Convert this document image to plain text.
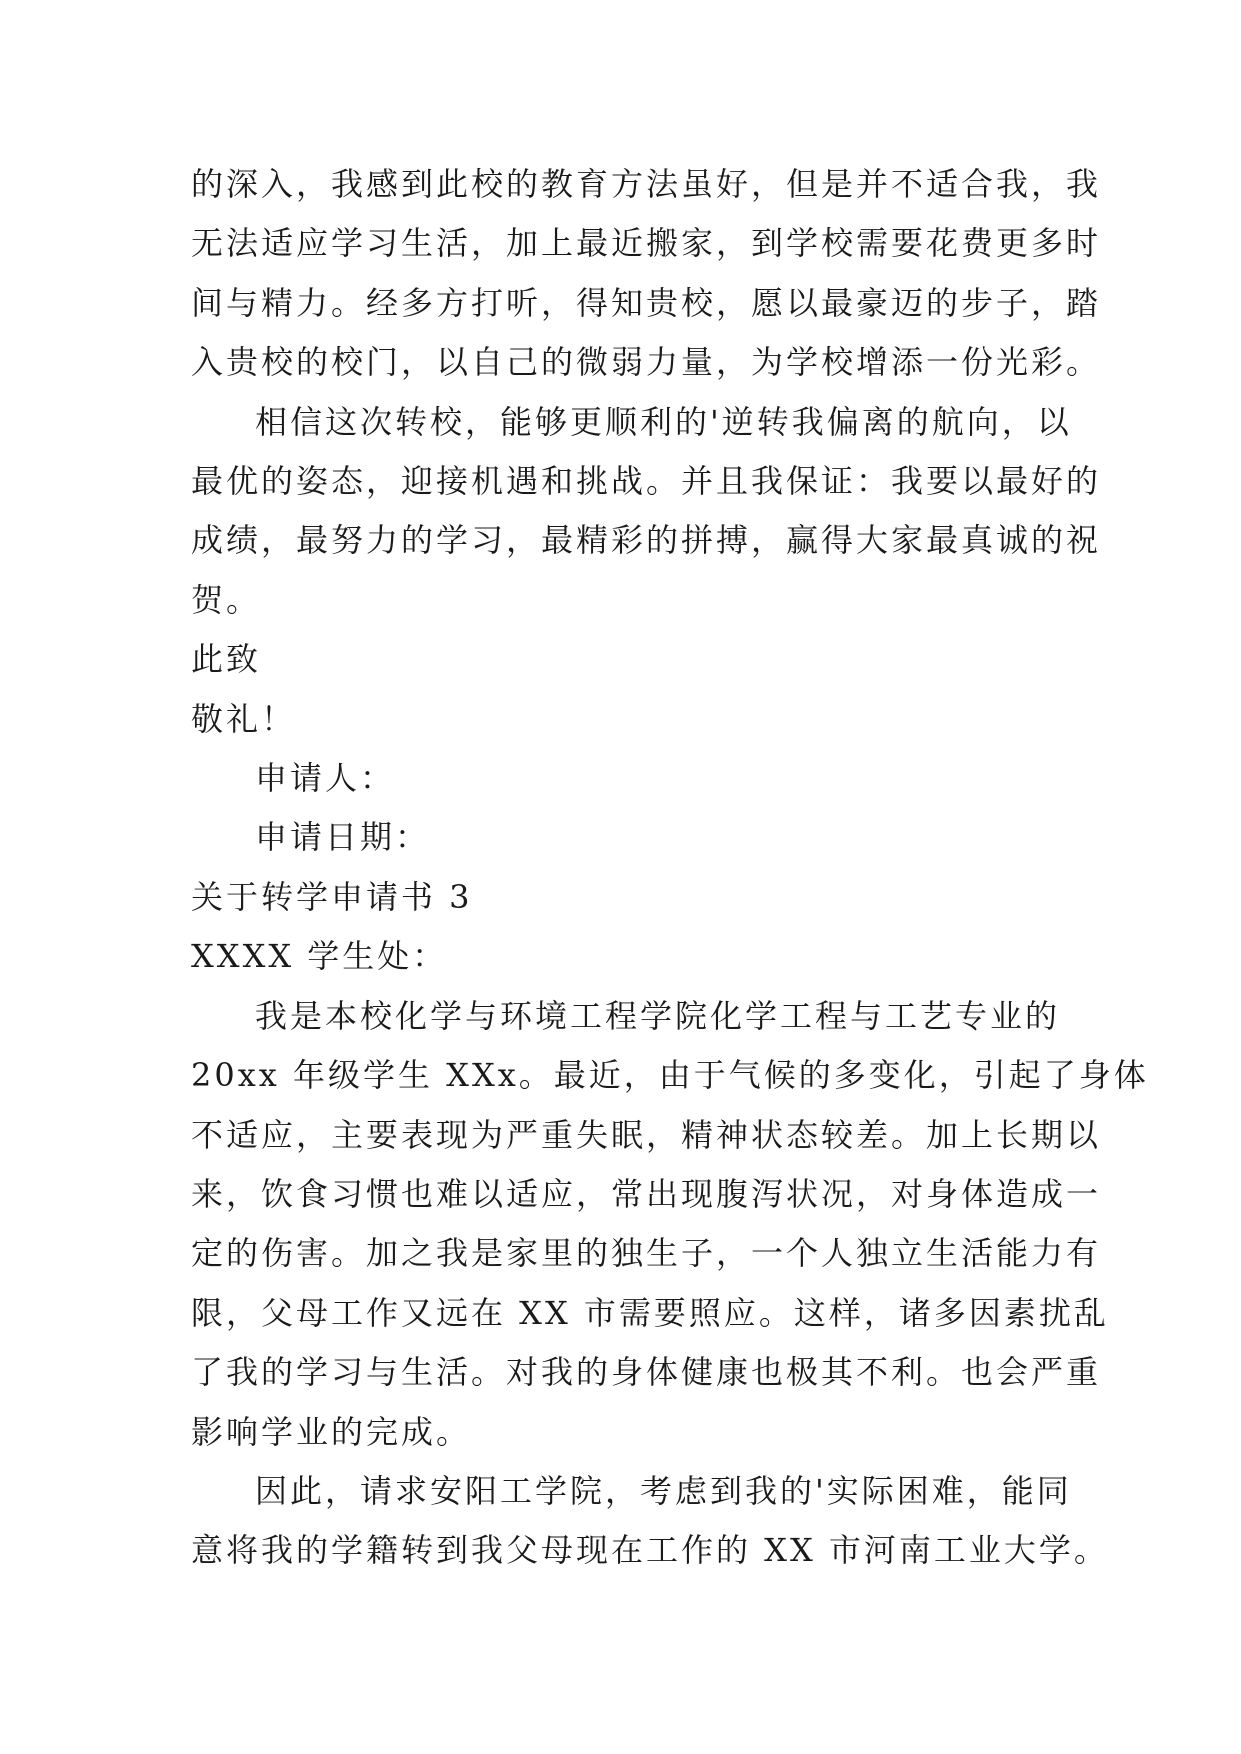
的深入，我感到此校的教育方法虽好，但是并不适合我，我
无法适应学习生活，加上最近搬家，到学校需要花费更多时
间与精力。经多方打听，得知贵校，愿以最豪迈的步子，踏
入贵校的校门，以自己的微弱力量，为学校增添一份光彩。

相信这次转校，能够更顺利的'逆转我偏离的航向，以
最优的姿态，迎接机遇和挑战。并且我保证：我要以最好的
成绩，最努力的学习，最精彩的拼搏，赢得大家最真诚的祝
贺。

此致

敬礼！

申请人：

申请日期：

关于转学申请书 3

XXXX 学生处：

我是本校化学与环境工程学院化学工程与工艺专业的
20xx 年级学生 XXx。最近，由于气候的多变化，引起了身体
不适应，主要表现为严重失眠，精神状态较差。加上长期以
来，饮食习惯也难以适应，常出现腹泻状况，对身体造成一
定的伤害。加之我是家里的独生子，一个人独立生活能力有
限，父母工作又远在 XX 市需要照应。这样，诸多因素扰乱
了我的学习与生活。对我的身体健康也极其不利。也会严重
影响学业的完成。

因此，请求安阳工学院，考虑到我的'实际困难，能同
意将我的学籍转到我父母现在工作的 XX 市河南工业大学。
